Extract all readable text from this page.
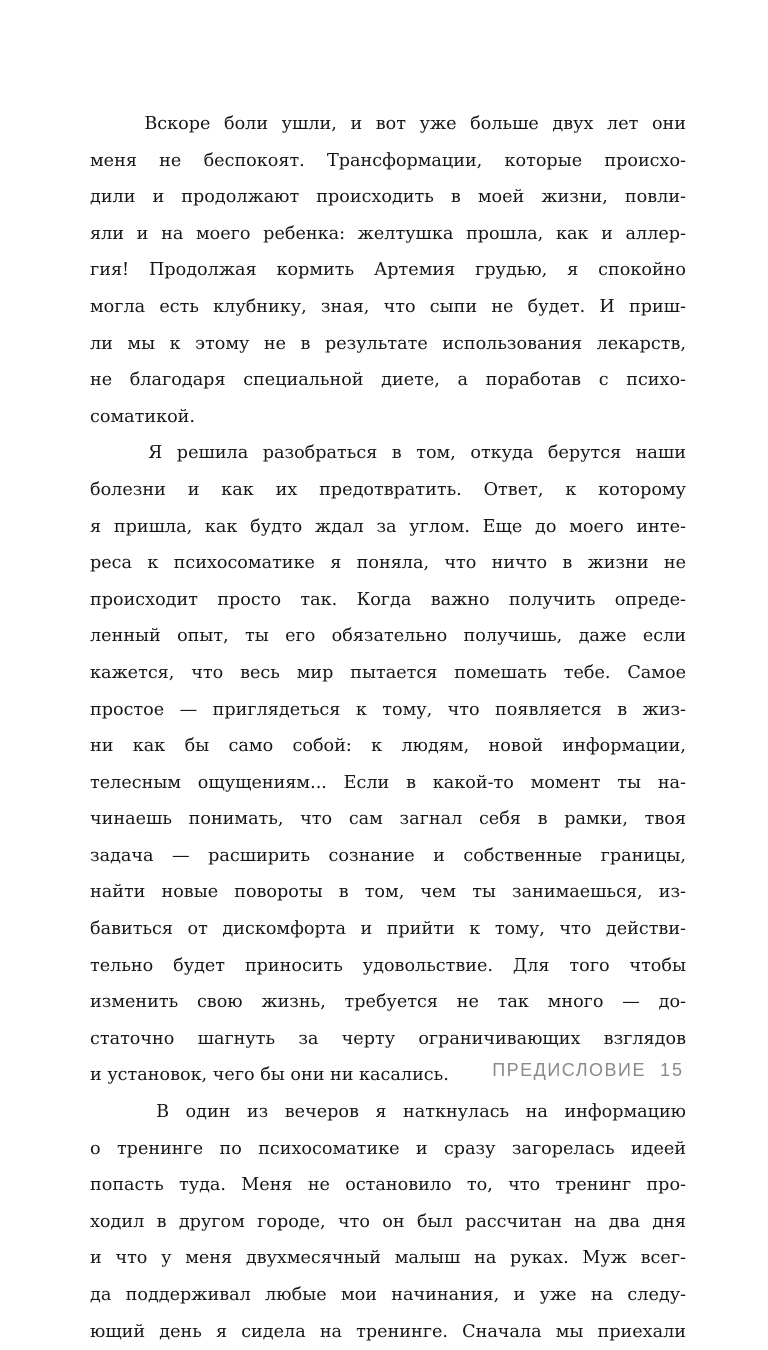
Вскоре боли ушли, и вот уже больше двух лет они
меня не беспокоят. Трансформации, которые происхо-
дили и продолжают происходить в моей жизни, повли-
яли и на моего ребенка: желтушка прошла, как и аллер-
гия! Продолжая кормить Артемия грудью, я спокойно
могла есть клубнику, зная, что сыпи не будет. И приш-
ли мы к этому не в результате использования лекарств,
не благодаря специальной диете, а поработав с психо-
соматикой.
Я решила разобраться в том, откуда берутся наши
болезни и как их предотвратить. Ответ, к которому
я пришла, как будто ждал за углом. Еще до моего инте-
реса к психосоматике я поняла, что ничто в жизни не
происходит просто так. Когда важно получить опреде-
ленный опыт, ты его обязательно получишь, даже если
кажется, что весь мир пытается помешать тебе. Самое
простое — приглядеться к тому, что появляется в жиз-
ни как бы само собой: к людям, новой информации,
телесным ощущениям... Если в какой-то момент ты на-
чинаешь понимать, что сам загнал себя в рамки, твоя
задача — расширить сознание и собственные границы,
найти новые повороты в том, чем ты занимаешься, из-
бавиться от дискомфорта и прийти к тому, что действи-
тельно будет приносить удовольствие. Для того чтобы
изменить свою жизнь, требуется не так много — до-
статочно шагнуть за черту ограничивающих взглядов
и установок, чего бы они ни касались.
В один из вечеров я наткнулась на информацию
о тренинге по психосоматике и сразу загорелась идеей
попасть туда. Меня не остановило то, что тренинг про-
ходил в другом городе, что он был рассчитан на два дня
и что у меня двухмесячный малыш на руках. Муж всег-
да поддерживал любые мои начинания, и уже на следу-
ющий день я сидела на тренинге. Сначала мы приехали
ПРЕДИСЛОВИЕ 15
